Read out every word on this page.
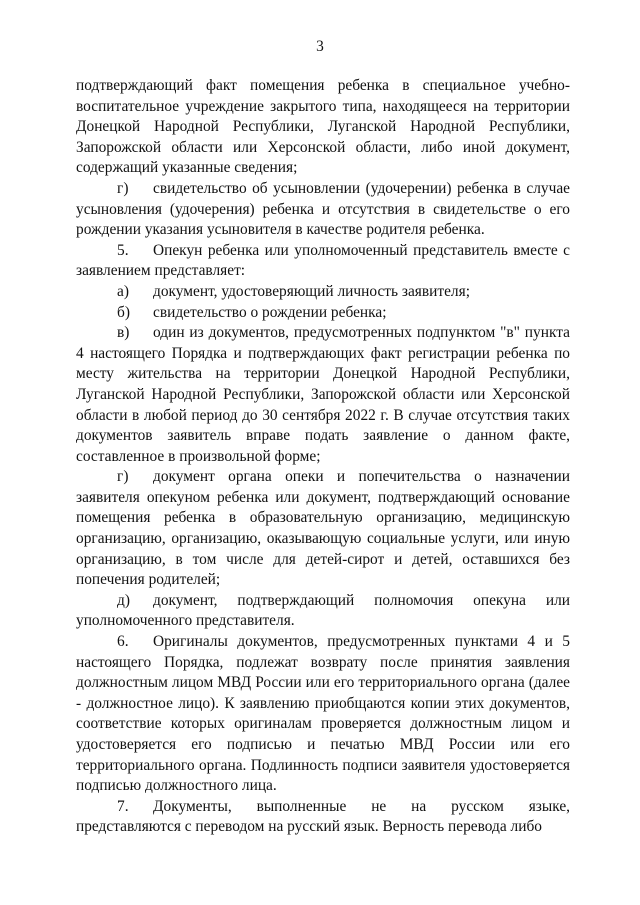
3

подтверждающий факт помещения ребенка в специальное учебно-воспитательное учреждение закрытого типа, находящееся на территории Донецкой Народной Республики, Луганской Народной Республики, Запорожской области или Херсонской области, либо иной документ, содержащий указанные сведения;

г) свидетельство об усыновлении (удочерении) ребенка в случае усыновления (удочерения) ребенка и отсутствия в свидетельстве о его рождении указания усыновителя в качестве родителя ребенка.

5. Опекун ребенка или уполномоченный представитель вместе с заявлением представляет:

а) документ, удостоверяющий личность заявителя;

б) свидетельство о рождении ребенка;

в) один из документов, предусмотренных подпунктом "в" пункта 4 настоящего Порядка и подтверждающих факт регистрации ребенка по месту жительства на территории Донецкой Народной Республики, Луганской Народной Республики, Запорожской области или Херсонской области в любой период до 30 сентября 2022 г. В случае отсутствия таких документов заявитель вправе подать заявление о данном факте, составленное в произвольной форме;

г) документ органа опеки и попечительства о назначении заявителя опекуном ребенка или документ, подтверждающий основание помещения ребенка в образовательную организацию, медицинскую организацию, организацию, оказывающую социальные услуги, или иную организацию, в том числе для детей-сирот и детей, оставшихся без попечения родителей;

д) документ, подтверждающий полномочия опекуна или уполномоченного представителя.

6. Оригиналы документов, предусмотренных пунктами 4 и 5 настоящего Порядка, подлежат возврату после принятия заявления должностным лицом МВД России или его территориального органа (далее - должностное лицо). К заявлению приобщаются копии этих документов, соответствие которых оригиналам проверяется должностным лицом и удостоверяется его подписью и печатью МВД России или его территориального органа. Подлинность подписи заявителя удостоверяется подписью должностного лица.

7. Документы, выполненные не на русском языке, представляются с переводом на русский язык. Верность перевода либо
